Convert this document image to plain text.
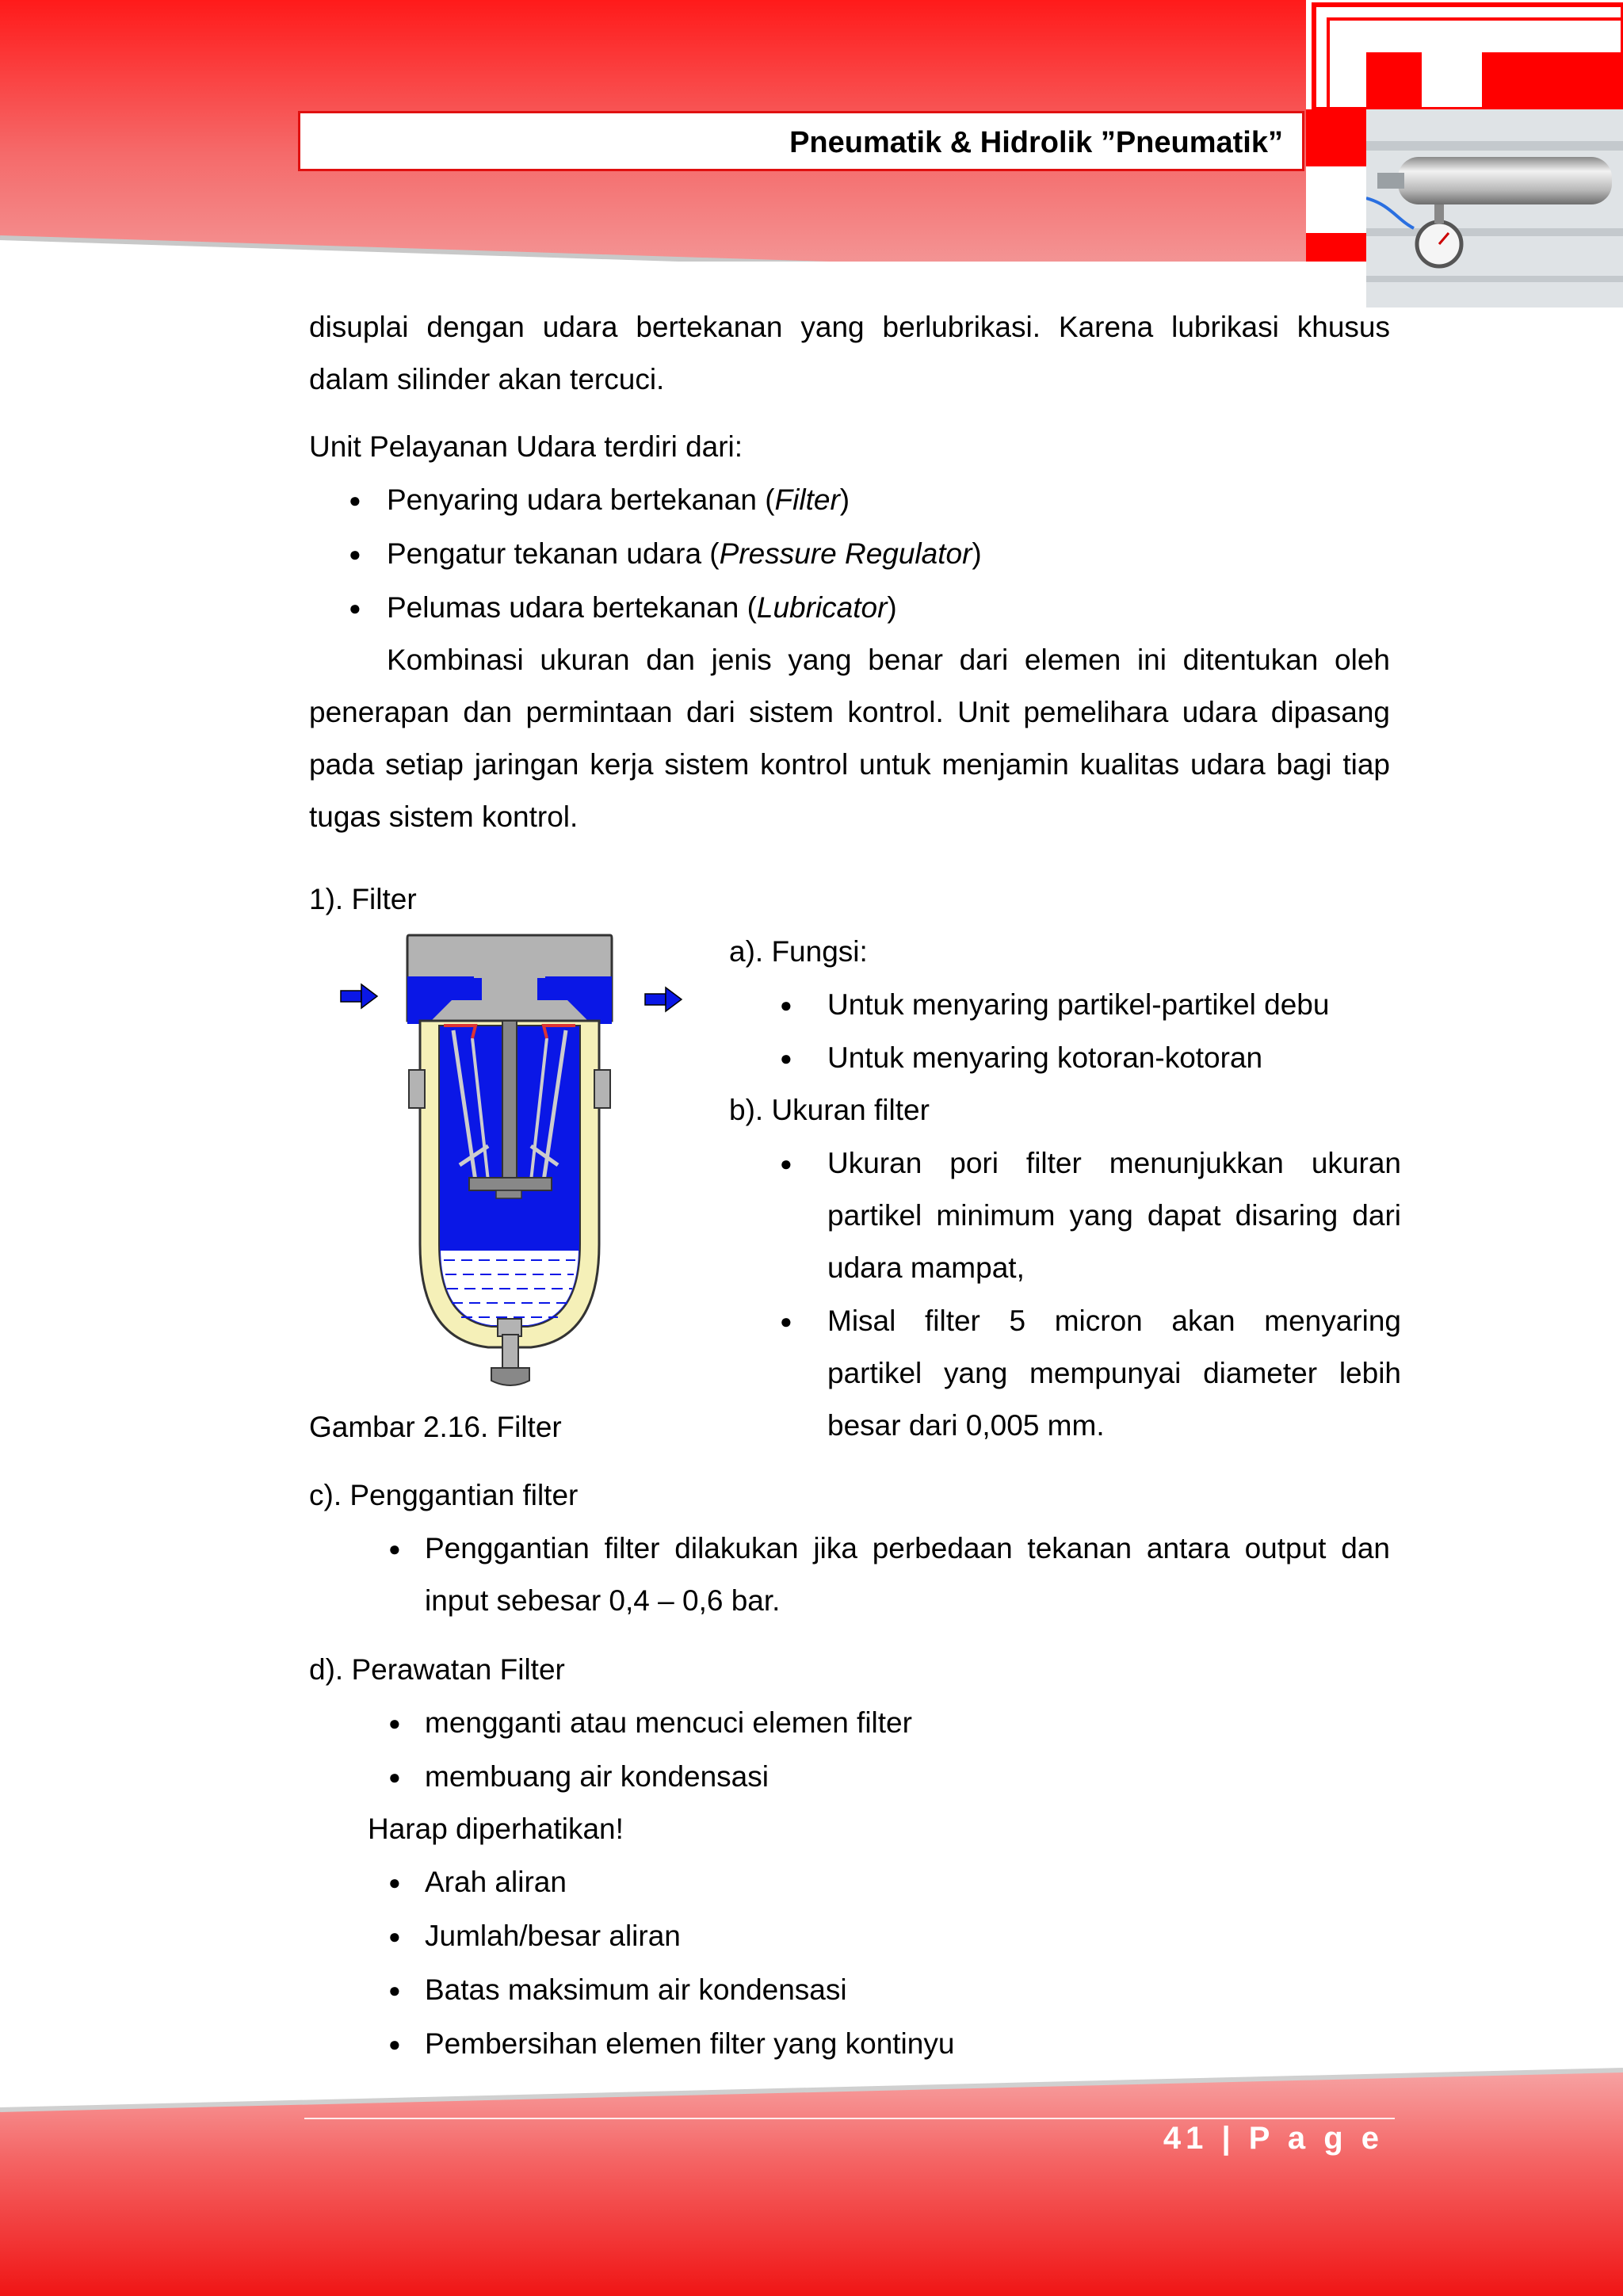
Pneumatik & Hidrolik ”Pneumatik”
disuplai dengan udara bertekanan yang berlubrikasi. Karena lubrikasi khusus
dalam silinder akan tercuci.
Unit Pelayanan Udara terdiri dari:
● Penyaring udara bertekanan (Filter)
● Pengatur tekanan udara (Pressure Regulator)
● Pelumas udara bertekanan (Lubricator)
Kombinasi ukuran dan jenis yang benar dari elemen ini ditentukan oleh
penerapan dan permintaan dari sistem kontrol. Unit pemelihara udara dipasang
pada setiap jaringan kerja sistem kontrol untuk menjamin kualitas udara bagi tiap
tugas sistem kontrol.
1). Filter
Gambar 2.16. Filter
a). Fungsi:
● Untuk menyaring partikel-partikel debu
● Untuk menyaring kotoran-kotoran
b). Ukuran filter
● Ukuran pori filter menunjukkan ukuran
partikel minimum yang dapat disaring dari
udara mampat,
● Misal filter 5 micron akan menyaring
partikel yang mempunyai diameter lebih
besar dari 0,005 mm.
c). Penggantian filter
● Penggantian filter dilakukan jika perbedaan tekanan antara output dan
input sebesar 0,4 – 0,6 bar.
d). Perawatan Filter
● mengganti atau mencuci elemen filter
● membuang air kondensasi
Harap diperhatikan!
● Arah aliran
● Jumlah/besar aliran
● Batas maksimum air kondensasi
● Pembersihan elemen filter yang kontinyu
41 | P a g e
